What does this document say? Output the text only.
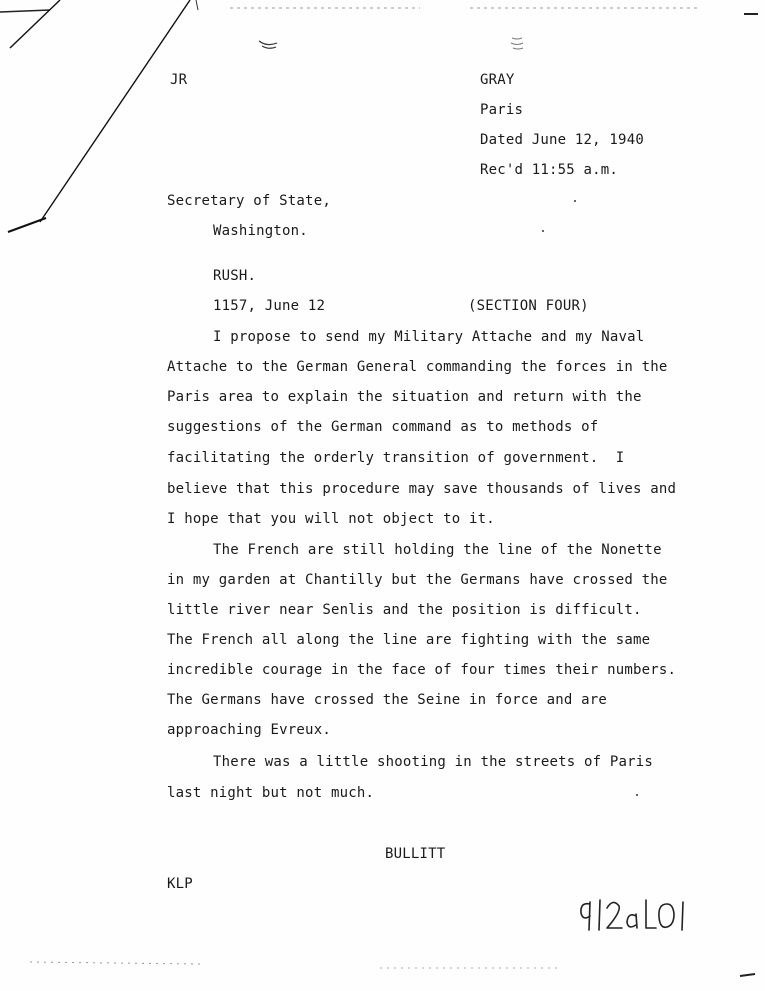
JR	GRAY
Paris
Dated June 12, 1940
Rec'd 11:55 a.m.
Secretary of State,
Washington.
RUSH.
1157, June 12	(SECTION FOUR)
I propose to send my Military Attache and my Naval
Attache to the German General commanding the forces in the
Paris area to explain the situation and return with the
suggestions of the German command as to methods of
facilitating the orderly transition of government.  I
believe that this procedure may save thousands of lives and
I hope that you will not object to it.
The French are still holding the line of the Nonette
in my garden at Chantilly but the Germans have crossed the
little river near Senlis and the position is difficult.
The French all along the line are fighting with the same
incredible courage in the face of four times their numbers.
The Germans have crossed the Seine in force and are
approaching Evreux.
There was a little shooting in the streets of Paris
last night but not much.
BULLITT
KLP
